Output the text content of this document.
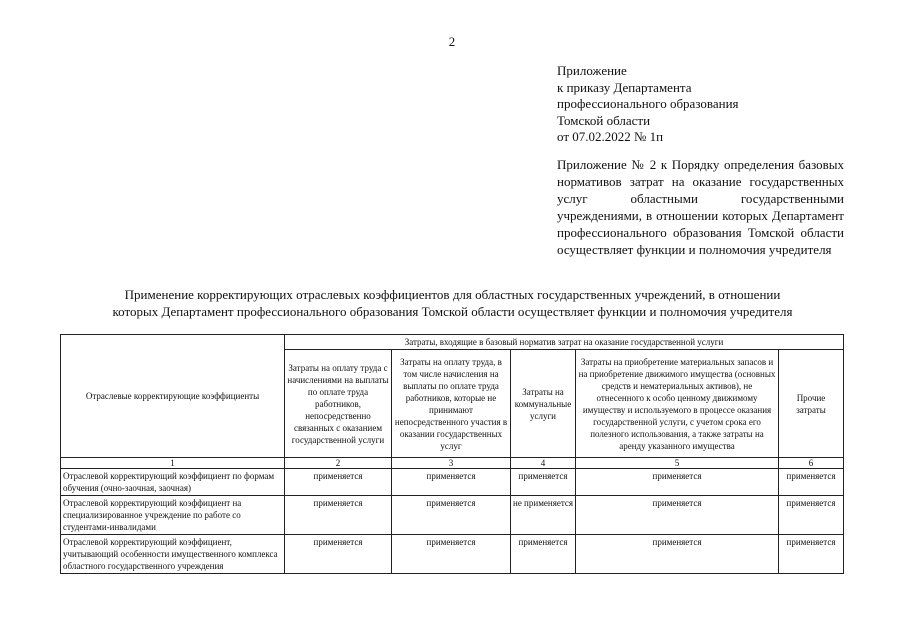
2
Приложение
к приказу Департамента
профессионального образования
Томской области
от 07.02.2022 № 1п
Приложение № 2 к Порядку определения базовых нормативов затрат на оказание государственных услуг областными государственными учреждениями, в отношении которых Департамент профессионального образования Томской области осуществляет функции и полномочия учредителя
Применение корректирующих отраслевых коэффициентов для областных государственных учреждений, в отношении
которых Департамент профессионального образования Томской области осуществляет функции и полномочия учредителя
Отраслевые корректирующие коэффициенты	Затраты, входящие в базовый норматив затрат на оказание государственной услуги				
	Затраты на оплату труда с начислениями на выплаты по оплате труда работников, непосредственно связанных с оказанием государственной услуги	Затраты на оплату труда, в том числе начисления на выплаты по оплате труда работников, которые не принимают непосредственного участия в оказании государственных услуг	Затраты на коммунальные услуги	Затраты на приобретение материальных запасов и на приобретение движимого имущества (основных средств и нематериальных активов), не отнесенного к особо ценному движимому имуществу и используемого в процессе оказания государственной услуги, с учетом срока его полезного использования, а также затраты на аренду указанного имущества	Прочие затраты
1	2	3	4	5	6
Отраслевой корректирующий коэффициент по формам обучения (очно-заочная, заочная)	применяется	применяется	применяется	применяется	применяется
Отраслевой корректирующий коэффициент на специализированное учреждение по работе со студентами-инвалидами	применяется	применяется	не применяется	применяется	применяется
Отраслевой корректирующий коэффициент, учитывающий особенности имущественного комплекса областного государственного учреждения	применяется	применяется	применяется	применяется	применяется
